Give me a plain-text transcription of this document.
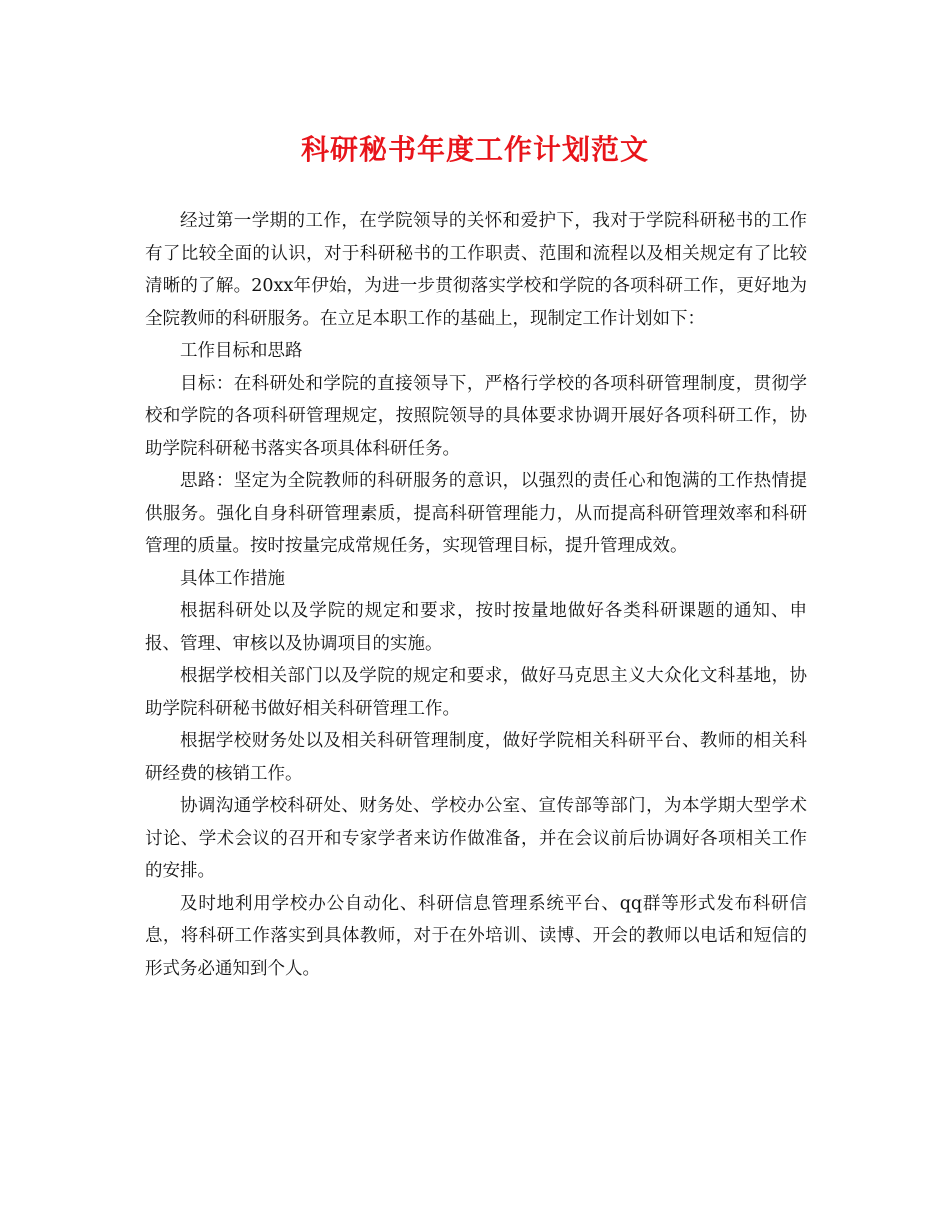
科研秘书年度工作计划范文

经过第一学期的工作，在学院领导的关怀和爱护下，我对于学院科研秘书的工作有了比较全面的认识，对于科研秘书的工作职责、范围和流程以及相关规定有了比较清晰的了解。20xx年伊始，为进一步贯彻落实学校和学院的各项科研工作，更好地为全院教师的科研服务。在立足本职工作的基础上，现制定工作计划如下：

工作目标和思路

目标：在科研处和学院的直接领导下，严格行学校的各项科研管理制度，贯彻学校和学院的各项科研管理规定，按照院领导的具体要求协调开展好各项科研工作，协助学院科研秘书落实各项具体科研任务。

思路：坚定为全院教师的科研服务的意识，以强烈的责任心和饱满的工作热情提供服务。强化自身科研管理素质，提高科研管理能力，从而提高科研管理效率和科研管理的质量。按时按量完成常规任务，实现管理目标，提升管理成效。

具体工作措施

根据科研处以及学院的规定和要求，按时按量地做好各类科研课题的通知、申报、管理、审核以及协调项目的实施。

根据学校相关部门以及学院的规定和要求，做好马克思主义大众化文科基地，协助学院科研秘书做好相关科研管理工作。

根据学校财务处以及相关科研管理制度，做好学院相关科研平台、教师的相关科研经费的核销工作。

协调沟通学校科研处、财务处、学校办公室、宣传部等部门，为本学期大型学术讨论、学术会议的召开和专家学者来访作做准备，并在会议前后协调好各项相关工作的安排。

及时地利用学校办公自动化、科研信息管理系统平台、qq群等形式发布科研信息，将科研工作落实到具体教师，对于在外培训、读博、开会的教师以电话和短信的形式务必通知到个人。
